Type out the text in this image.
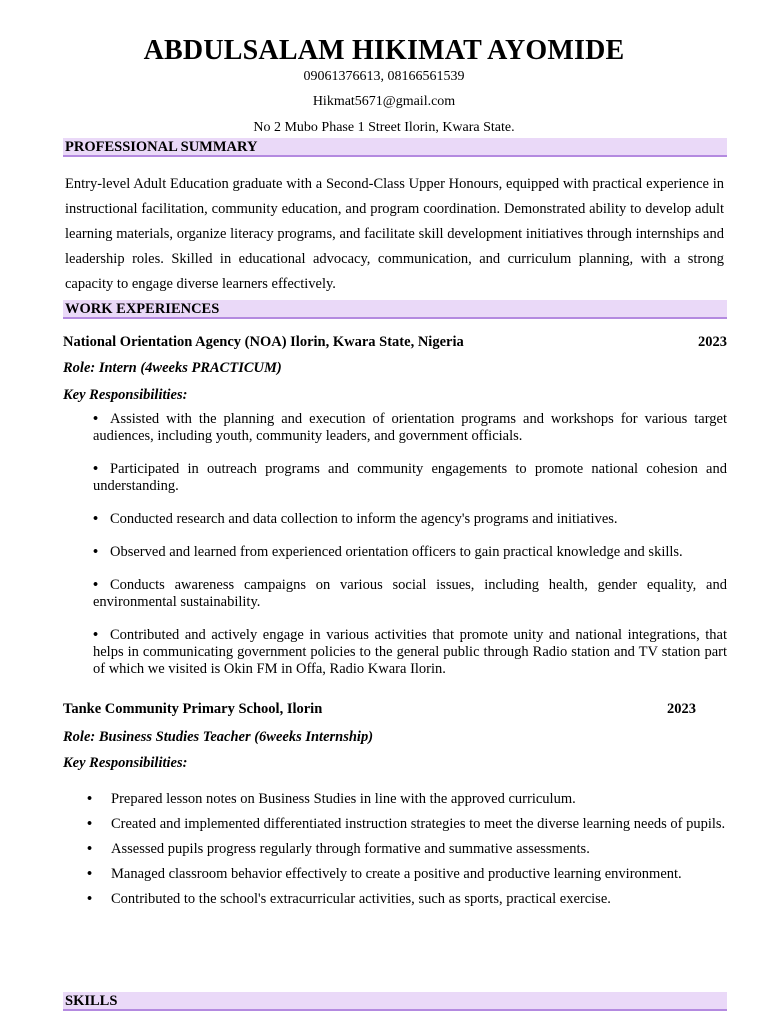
ABDULSALAM HIKIMAT AYOMIDE
09061376613, 08166561539
Hikmat5671@gmail.com
No 2 Mubo Phase 1 Street Ilorin, Kwara State.
PROFESSIONAL SUMMARY
Entry-level Adult Education graduate with a Second-Class Upper Honours, equipped with practical experience in instructional facilitation, community education, and program coordination. Demonstrated ability to develop adult learning materials, organize literacy programs, and facilitate skill development initiatives through internships and leadership roles. Skilled in educational advocacy, communication, and curriculum planning, with a strong capacity to engage diverse learners effectively.
WORK EXPERIENCES
National Orientation Agency (NOA) Ilorin, Kwara State, Nigeria	2023
Role: Intern (4weeks PRACTICUM)
Key Responsibilities:
• Assisted with the planning and execution of orientation programs and workshops for various target audiences, including youth, community leaders, and government officials.
• Participated in outreach programs and community engagements to promote national cohesion and understanding.
• Conducted research and data collection to inform the agency's programs and initiatives.
• Observed and learned from experienced orientation officers to gain practical knowledge and skills.
• Conducts awareness campaigns on various social issues, including health, gender equality, and environmental sustainability.
• Contributed and actively engage in various activities that promote unity and national integrations, that helps in communicating government policies to the general public through Radio station and TV station part of which we visited is Okin FM in Offa, Radio Kwara Ilorin.
Tanke Community Primary School, Ilorin	2023
Role: Business Studies Teacher (6weeks Internship)
Key Responsibilities:
• Prepared lesson notes on Business Studies in line with the approved curriculum.
• Created and implemented differentiated instruction strategies to meet the diverse learning needs of pupils.
• Assessed pupils progress regularly through formative and summative assessments.
• Managed classroom behavior effectively to create a positive and productive learning environment.
• Contributed to the school's extracurricular activities, such as sports, practical exercise.
SKILLS
